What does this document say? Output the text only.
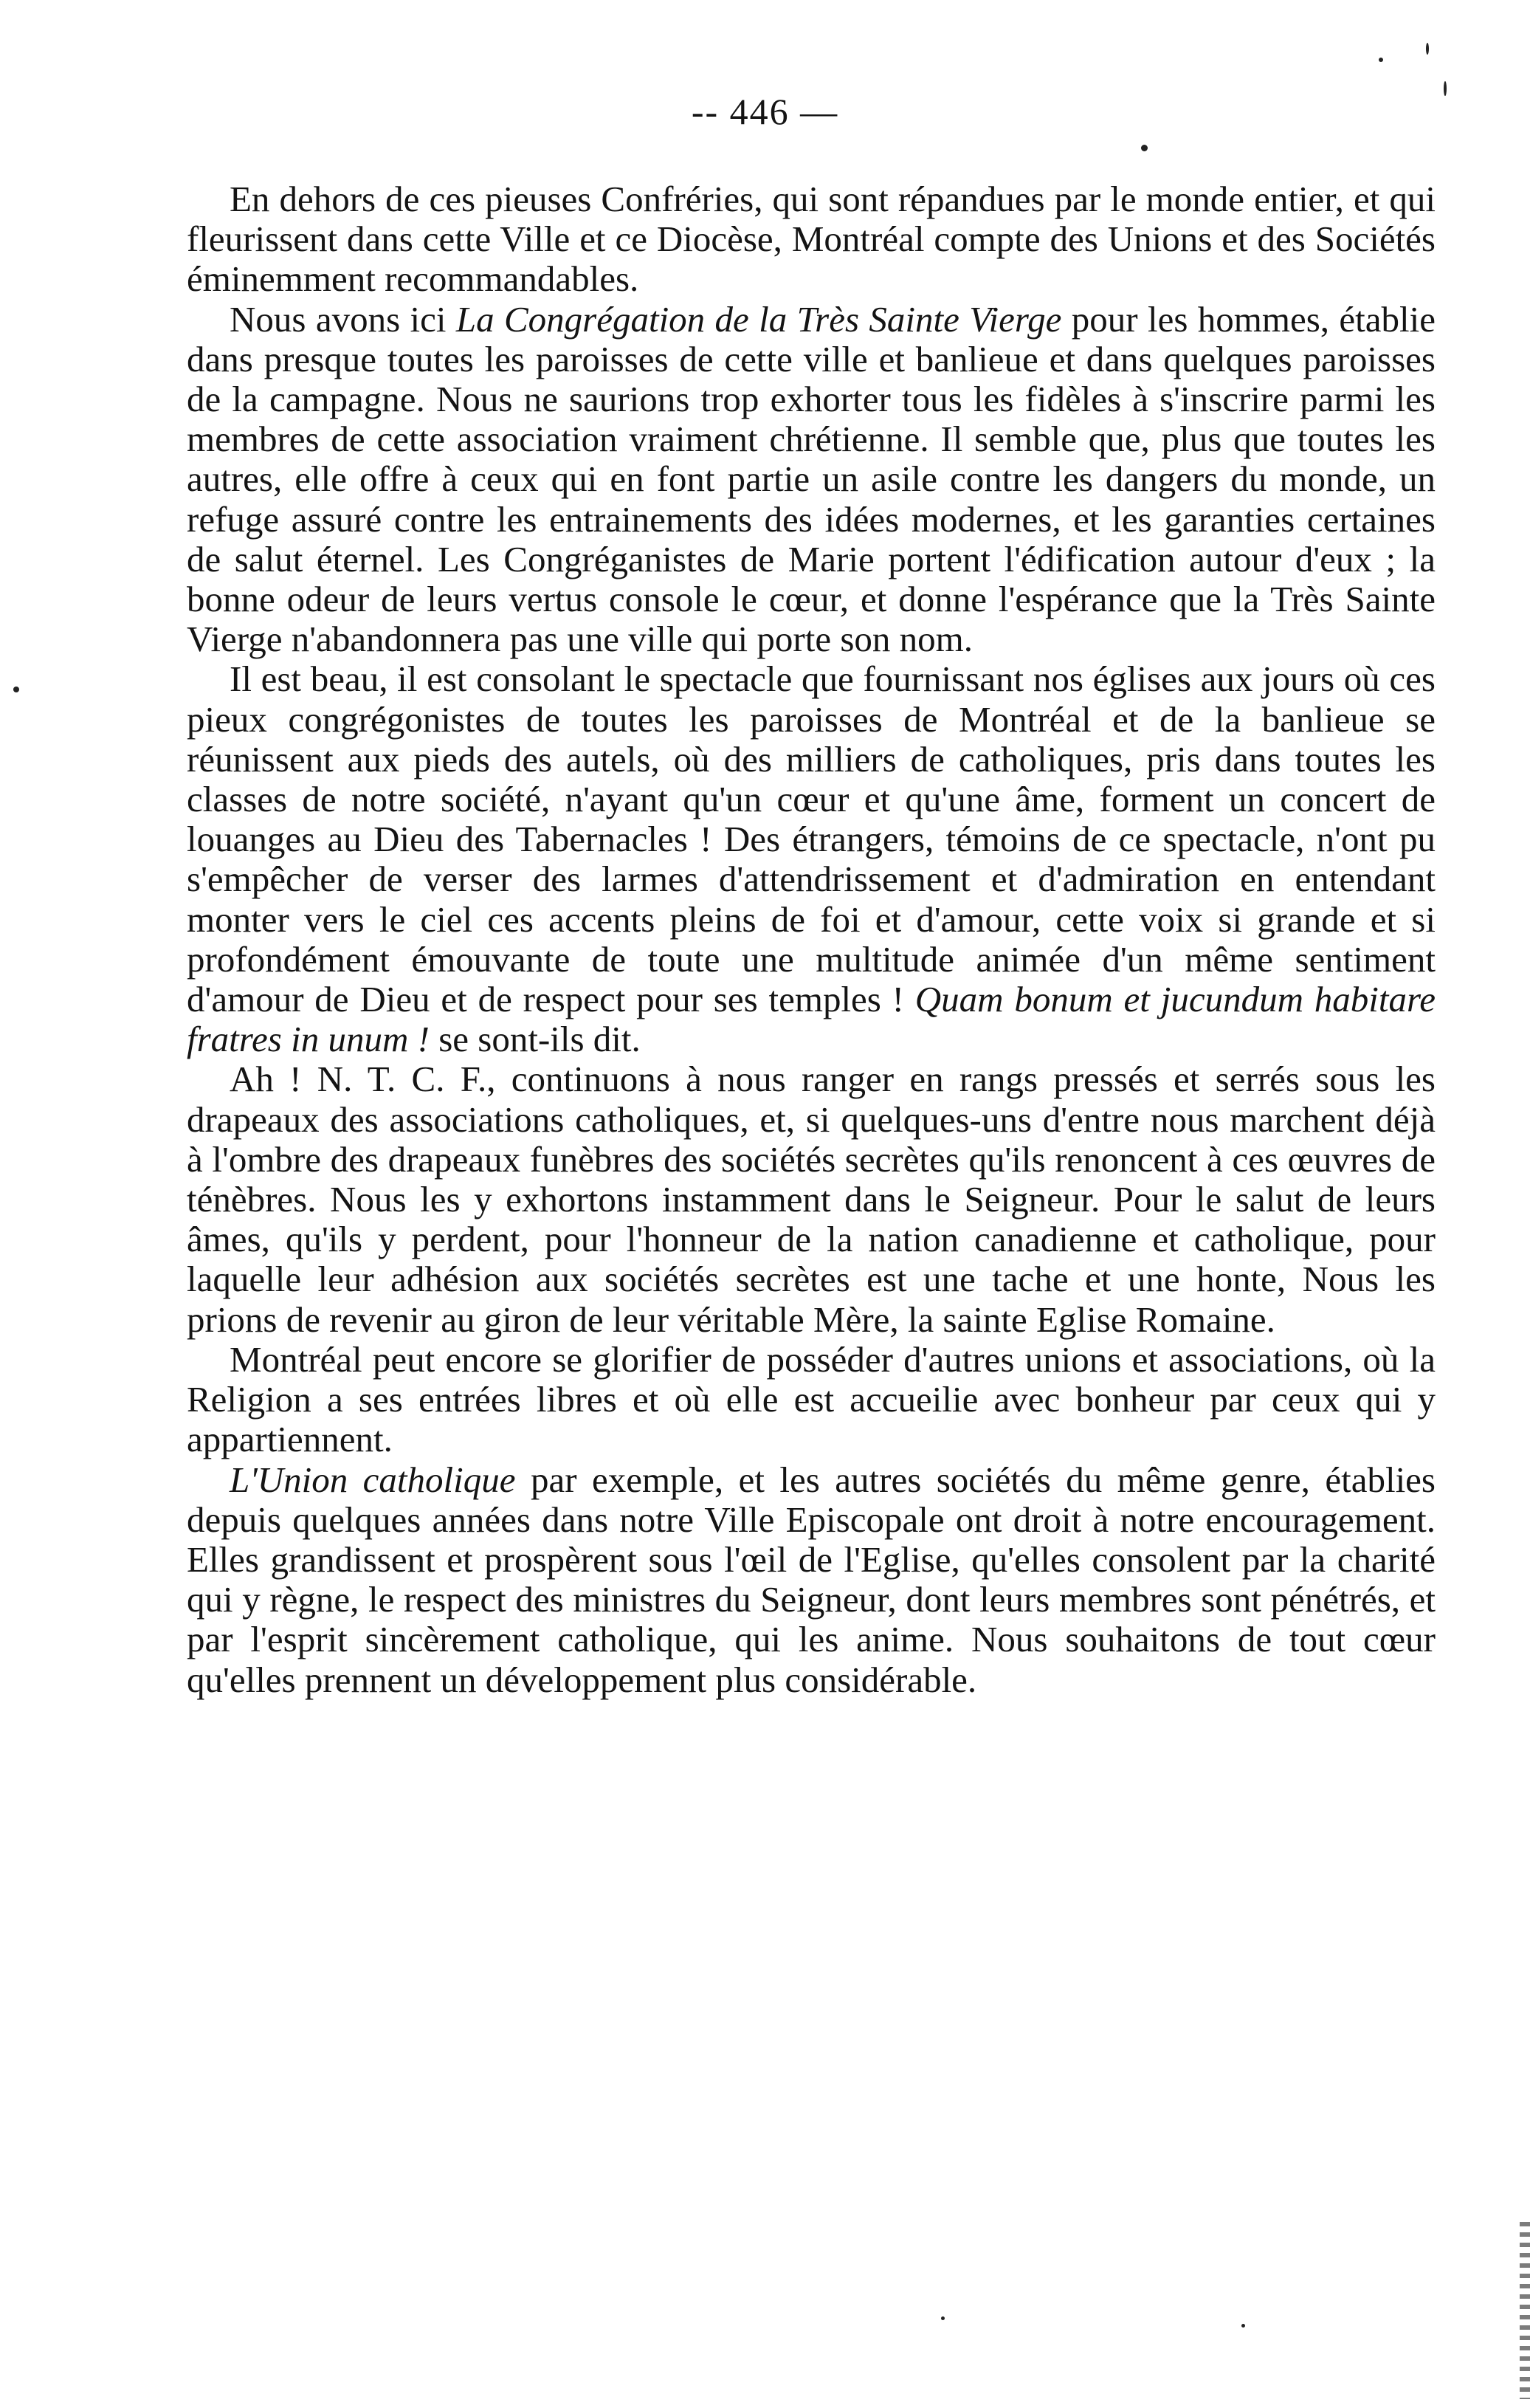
-- 446 —

En dehors de ces pieuses Confréries, qui sont répandues par le monde entier, et qui fleurissent dans cette Ville et ce Diocèse, Montréal compte des Unions et des Sociétés éminemment recommandables.

Nous avons ici La Congrégation de la Très Sainte Vierge pour les hommes, établie dans presque toutes les paroisses de cette ville et banlieue et dans quelques paroisses de la campagne. Nous ne saurions trop exhorter tous les fidèles à s'inscrire parmi les membres de cette association vraiment chrétienne. Il semble que, plus que toutes les autres, elle offre à ceux qui en font partie un asile contre les dangers du monde, un refuge assuré contre les entrainements des idées modernes, et les garanties certaines de salut éternel. Les Congréganistes de Marie portent l'édification autour d'eux ; la bonne odeur de leurs vertus console le cœur, et donne l'espérance que la Très Sainte Vierge n'abandonnera pas une ville qui porte son nom.

Il est beau, il est consolant le spectacle que fournissant nos églises aux jours où ces pieux congrégonistes de toutes les paroisses de Montréal et de la banlieue se réunissent aux pieds des autels, où des milliers de catholiques, pris dans toutes les classes de notre société, n'ayant qu'un cœur et qu'une âme, forment un concert de louanges au Dieu des Tabernacles ! Des étrangers, témoins de ce spectacle, n'ont pu s'empêcher de verser des larmes d'attendrissement et d'admiration en entendant monter vers le ciel ces accents pleins de foi et d'amour, cette voix si grande et si profondément émouvante de toute une multitude animée d'un même sentiment d'amour de Dieu et de respect pour ses temples ! Quam bonum et jucundum habitare fratres in unum ! se sont-ils dit.

Ah ! N. T. C. F., continuons à nous ranger en rangs pressés et serrés sous les drapeaux des associations catholiques, et, si quelques-uns d'entre nous marchent déjà à l'ombre des drapeaux funèbres des sociétés secrètes qu'ils renoncent à ces œuvres de ténèbres. Nous les y exhortons instamment dans le Seigneur. Pour le salut de leurs âmes, qu'ils y perdent, pour l'honneur de la nation canadienne et catholique, pour laquelle leur adhésion aux sociétés secrètes est une tache et une honte, Nous les prions de revenir au giron de leur véritable Mère, la sainte Eglise Romaine.

Montréal peut encore se glorifier de posséder d'autres unions et associations, où la Religion a ses entrées libres et où elle est accueilie avec bonheur par ceux qui y appartiennent.

L'Union catholique par exemple, et les autres sociétés du même genre, établies depuis quelques années dans notre Ville Episcopale ont droit à notre encouragement. Elles grandissent et prospèrent sous l'œil de l'Eglise, qu'elles consolent par la charité qui y règne, le respect des ministres du Seigneur, dont leurs membres sont pénétrés, et par l'esprit sincèrement catholique, qui les anime. Nous souhaitons de tout cœur qu'elles prennent un développement plus considérable.
